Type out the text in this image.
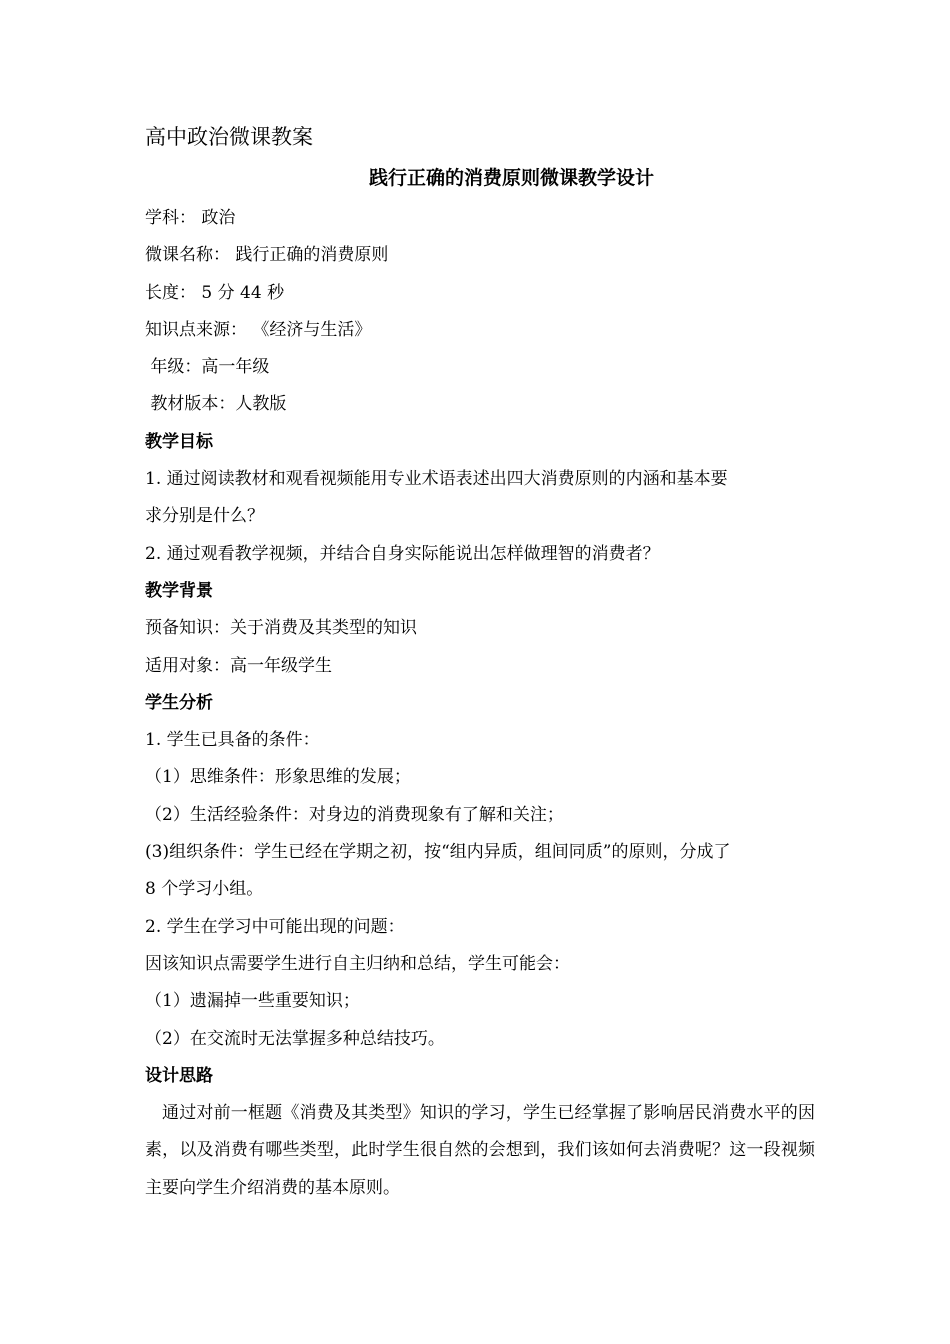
高中政治微课教案

践行正确的消费原则微课教学设计

学科： 政治

微课名称： 践行正确的消费原则

长度： 5 分 44 秒

知识点来源： 《经济与生活》

年级：高一年级

教材版本：人教版

教学目标

1. 通过阅读教材和观看视频能用专业术语表述出四大消费原则的内涵和基本要

求分别是什么？

2. 通过观看教学视频，并结合自身实际能说出怎样做理智的消费者？

教学背景

预备知识：关于消费及其类型的知识

适用对象：高一年级学生

学生分析

1. 学生已具备的条件：

（1）思维条件：形象思维的发展；

（2）生活经验条件：对身边的消费现象有了解和关注；

(3)组织条件：学生已经在学期之初，按“组内异质，组间同质”的原则，分成了

8 个学习小组。

2. 学生在学习中可能出现的问题：

因该知识点需要学生进行自主归纳和总结，学生可能会：

（1）遗漏掉一些重要知识；

（2）在交流时无法掌握多种总结技巧。

设计思路

通过对前一框题《消费及其类型》知识的学习，学生已经掌握了影响居民消费水平的因素，以及消费有哪些类型，此时学生很自然的会想到，我们该如何去消费呢？这一段视频主要向学生介绍消费的基本原则。
